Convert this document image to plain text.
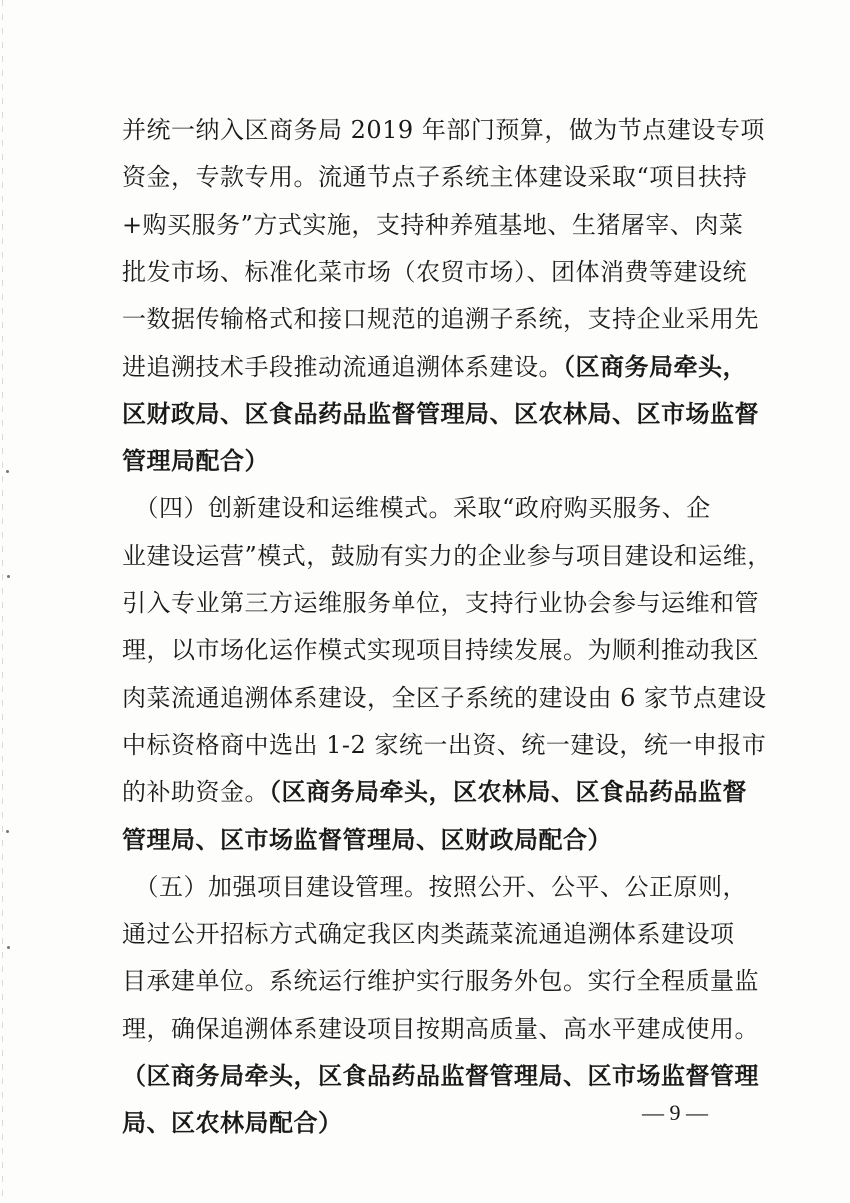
并统一纳入区商务局 2019 年部门预算，做为节点建设专项
资金，专款专用。流通节点子系统主体建设采取“项目扶持
+购买服务”方式实施，支持种养殖基地、生猪屠宰、肉菜
批发市场、标准化菜市场（农贸市场）、团体消费等建设统
一数据传输格式和接口规范的追溯子系统，支持企业采用先
进追溯技术手段推动流通追溯体系建设。（区商务局牵头，
区财政局、区食品药品监督管理局、区农林局、区市场监督
管理局配合）
　（四）创新建设和运维模式。采取“政府购买服务、企
业建设运营”模式，鼓励有实力的企业参与项目建设和运维，
引入专业第三方运维服务单位，支持行业协会参与运维和管
理，以市场化运作模式实现项目持续发展。为顺利推动我区
肉菜流通追溯体系建设，全区子系统的建设由 6 家节点建设
中标资格商中选出 1-2 家统一出资、统一建设，统一申报市
的补助资金。（区商务局牵头，区农林局、区食品药品监督
管理局、区市场监督管理局、区财政局配合）
　（五）加强项目建设管理。按照公开、公平、公正原则，
通过公开招标方式确定我区肉类蔬菜流通追溯体系建设项
目承建单位。系统运行维护实行服务外包。实行全程质量监
理，确保追溯体系建设项目按期高质量、高水平建成使用。
（区商务局牵头，区食品药品监督管理局、区市场监督管理
局、区农林局配合）	— 9 —
